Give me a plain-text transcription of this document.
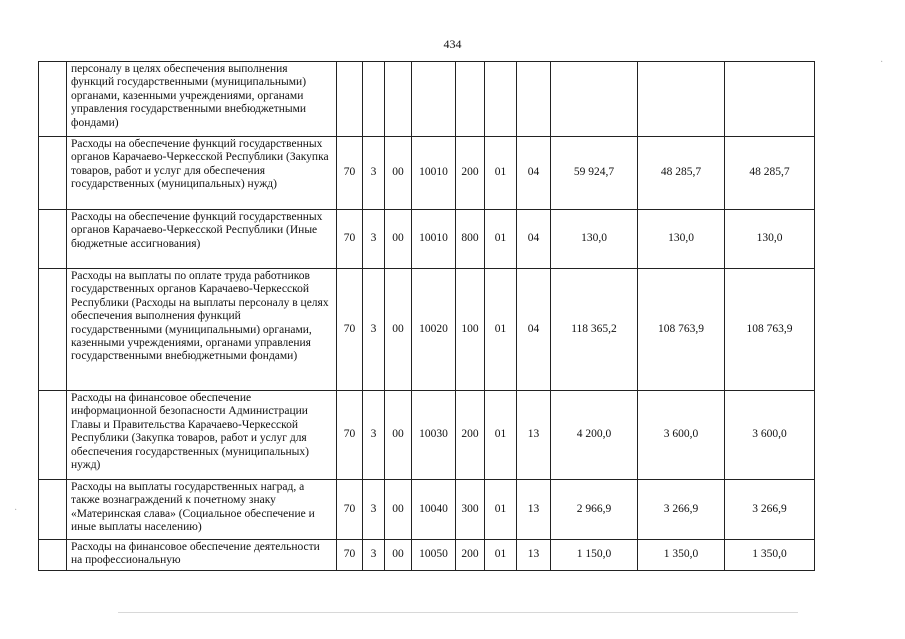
434
	персоналу в целях обеспечения выполнения функций государственными (муниципальными) органами, казенными учреждениями, органами управления государственными внебюджетными фондами)										
	Расходы на обеспечение функций государственных органов Карачаево-Черкесской Республики (Закупка товаров, работ и услуг для обеспечения государственных (муниципальных) нужд)	70	3	00	10010	200	01	04	59 924,7	48 285,7	48 285,7
	Расходы на обеспечение функций государственных органов Карачаево-Черкесской Республики (Иные бюджетные ассигнования)	70	3	00	10010	800	01	04	130,0	130,0	130,0
	Расходы на выплаты по оплате труда работников государственных органов Карачаево-Черкесской Республики (Расходы на выплаты персоналу в целях обеспечения выполнения функций государственными (муниципальными) органами, казенными учреждениями, органами управления государственными внебюджетными фондами)	70	3	00	10020	100	01	04	118 365,2	108 763,9	108 763,9
	Расходы на финансовое обеспечение информационной безопасности Администрации Главы и Правительства Карачаево-Черкесской Республики (Закупка товаров, работ и услуг для обеспечения государственных (муниципальных) нужд)	70	3	00	10030	200	01	13	4 200,0	3 600,0	3 600,0
	Расходы на выплаты государственных наград, а также вознаграждений к почетному знаку «Материнская слава» (Социальное обеспечение и иные выплаты населению)	70	3	00	10040	300	01	13	2 966,9	3 266,9	3 266,9
	Расходы на финансовое обеспечение деятельности на профессиональную	70	3	00	10050	200	01	13	1 150,0	1 350,0	1 350,0
·
·
